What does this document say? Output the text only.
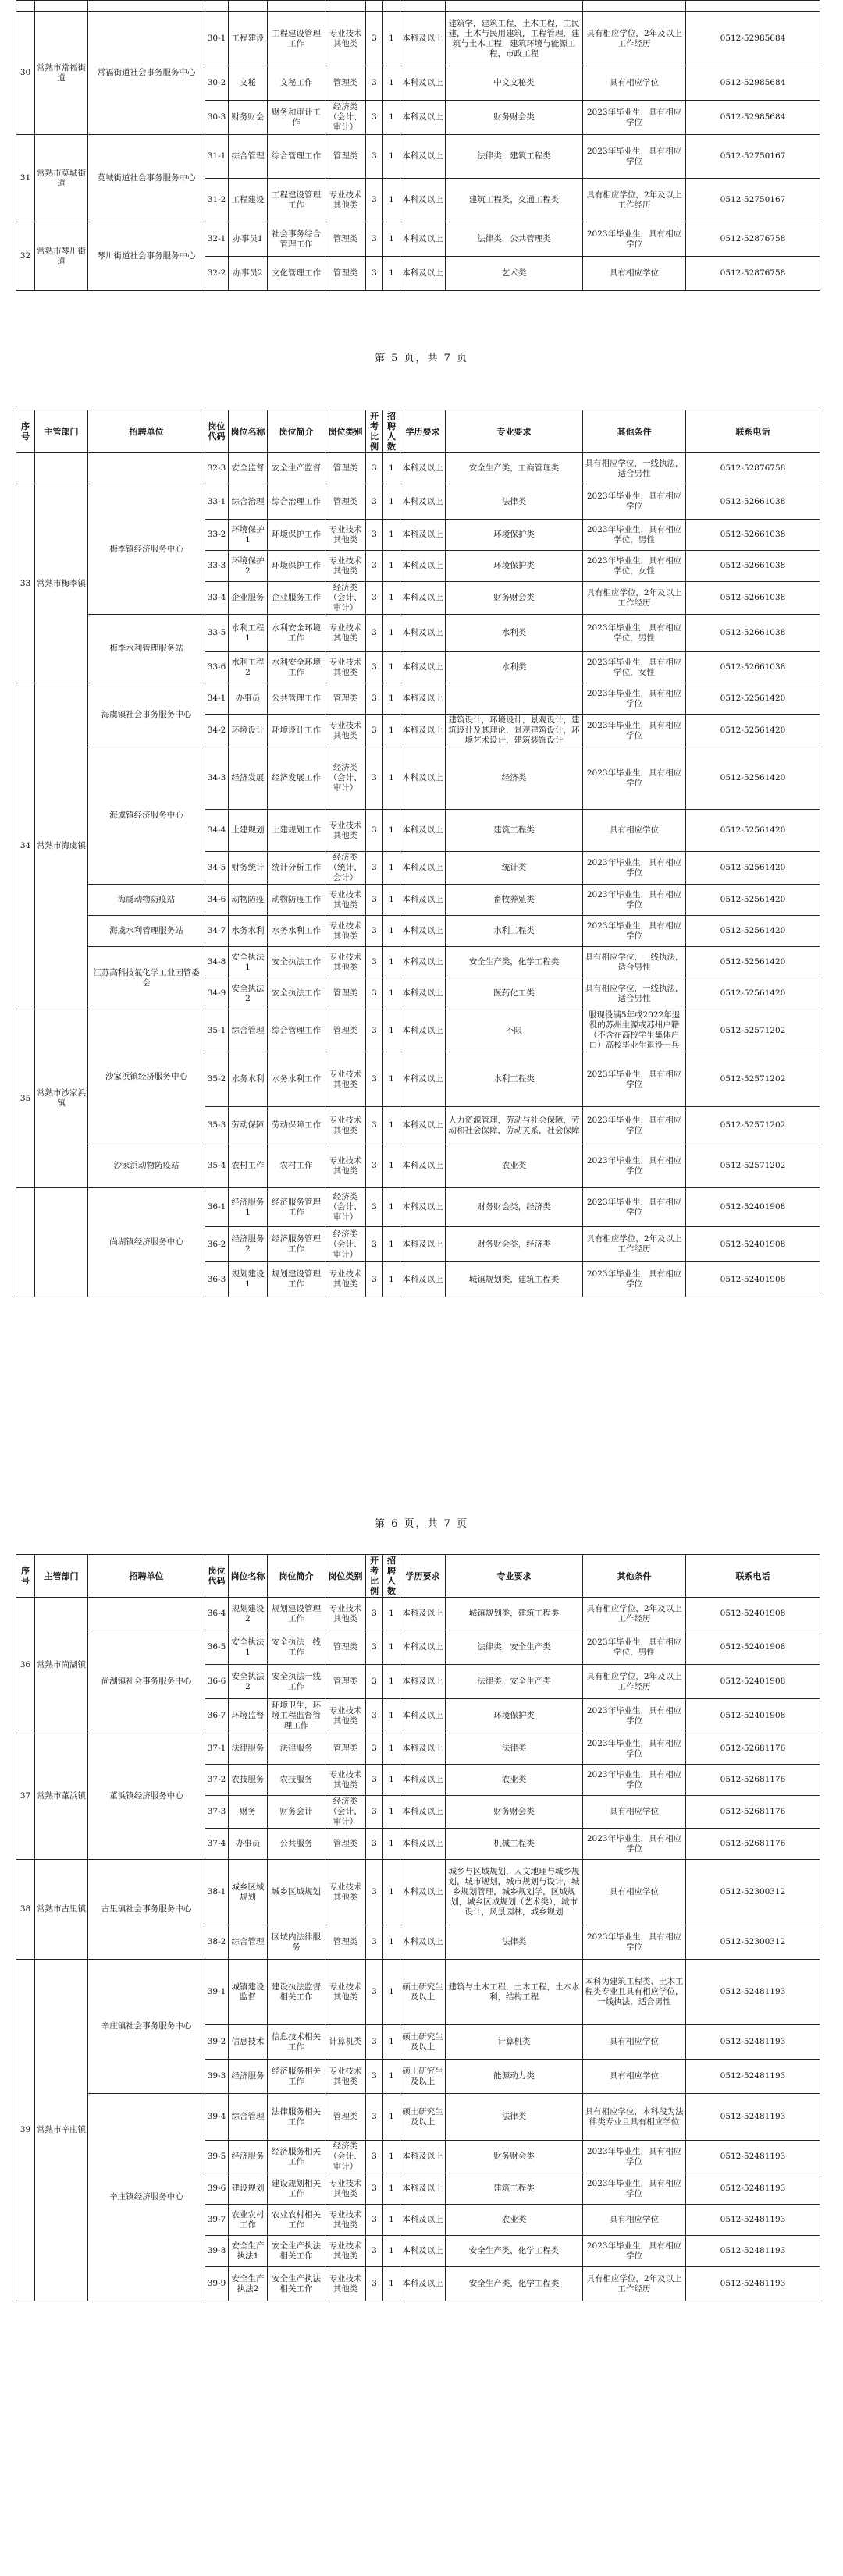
30	常熟市常福街道	常福街道社会事务服务中心	30-1	工程建设	工程建设管理工作	专业技术其他类	3	1	本科及以上	建筑学，建筑工程，土木工程，工民建，土木与民用建筑，工程管理，建筑与土木工程，建筑环境与能源工程，市政工程	具有相应学位，2年及以上工作经历	0512-52985684
			30-2	文秘	文秘工作	管理类	3	1	本科及以上	中文文秘类	具有相应学位	0512-52985684
			30-3	财务财会	财务和审计工作	经济类（会计、审计）	3	1	本科及以上	财务财会类	2023年毕业生，具有相应学位	0512-52985684
31	常熟市莫城街道	莫城街道社会事务服务中心	31-1	综合管理	综合管理工作	管理类	3	1	本科及以上	法律类，建筑工程类	2023年毕业生，具有相应学位	0512-52750167
			31-2	工程建设	工程建设管理工作	专业技术其他类	3	1	本科及以上	建筑工程类，交通工程类	具有相应学位，2年及以上工作经历	0512-52750167
32	常熟市琴川街道	琴川街道社会事务服务中心	32-1	办事员1	社会事务综合管理工作	管理类	3	1	本科及以上	法律类，公共管理类	2023年毕业生，具有相应学位	0512-52876758
			32-2	办事员2	文化管理工作	管理类	3	1	本科及以上	艺术类	具有相应学位	0512-52876758
第 5 页，共 7 页
序号	主管部门	招聘单位	岗位代码	岗位名称	岗位简介	岗位类别	开考比例	招聘人数	学历要求	专业要求	其他条件	联系电话
			32-3	安全监督	安全生产监督	管理类	3	1	本科及以上	安全生产类，工商管理类	具有相应学位，一线执法，适合男性	0512-52876758
33	常熟市梅李镇	梅李镇经济服务中心	33-1	综合治理	综合治理工作	管理类	3	1	本科及以上	法律类	2023年毕业生，具有相应学位	0512-52661038
			33-2	环境保护1	环境保护工作	专业技术其他类	3	1	本科及以上	环境保护类	2023年毕业生，具有相应学位，男性	0512-52661038
			33-3	环境保护2	环境保护工作	专业技术其他类	3	1	本科及以上	环境保护类	2023年毕业生，具有相应学位，女性	0512-52661038
			33-4	企业服务	企业服务工作	经济类（会计、审计）	3	1	本科及以上	财务财会类	具有相应学位，2年及以上工作经历	0512-52661038
		梅李水利管理服务站	33-5	水利工程1	水利安全环境工作	专业技术其他类	3	1	本科及以上	水利类	2023年毕业生，具有相应学位，男性	0512-52661038
			33-6	水利工程2	水利安全环境工作	专业技术其他类	3	1	本科及以上	水利类	2023年毕业生，具有相应学位，女性	0512-52661038
34	常熟市海虞镇	海虞镇社会事务服务中心	34-1	办事员	公共管理工作	管理类	3	1	本科及以上		2023年毕业生，具有相应学位	0512-52561420
			34-2	环境设计	环境设计工作	专业技术其他类	3	1	本科及以上	建筑设计，环境设计，景观设计，建筑设计及其理论，景观建筑设计，环境艺术设计，建筑装饰设计	2023年毕业生，具有相应学位	0512-52561420
		海虞镇经济服务中心	34-3	经济发展	经济发展工作	经济类（会计、审计）	3	1	本科及以上	经济类	2023年毕业生，具有相应学位	0512-52561420
			34-4	土建规划	土建规划工作	专业技术其他类	3	1	本科及以上	建筑工程类	具有相应学位	0512-52561420
			34-5	财务统计	统计分析工作	经济类（统计、会计）	3	1	本科及以上	统计类	2023年毕业生，具有相应学位	0512-52561420
		海虞动物防疫站	34-6	动物防疫	动物防疫工作	专业技术其他类	3	1	本科及以上	畜牧养殖类	2023年毕业生，具有相应学位	0512-52561420
		海虞水利管理服务站	34-7	水务水利	水务水利工作	专业技术其他类	3	1	本科及以上	水利工程类	2023年毕业生，具有相应学位	0512-52561420
		江苏高科技氟化学工业园管委会	34-8	安全执法1	安全执法工作	专业技术其他类	3	1	本科及以上	安全生产类，化学工程类	具有相应学位，一线执法，适合男性	0512-52561420
			34-9	安全执法2	安全执法工作	管理类	3	1	本科及以上	医药化工类	具有相应学位，一线执法，适合男性	0512-52561420
35	常熟市沙家浜镇	沙家浜镇经济服务中心	35-1	综合管理	综合管理工作	管理类	3	1	本科及以上	不限	服现役满5年或2022年退役的苏州生源或苏州户籍（不含在高校学生集体户口）高校毕业生退役士兵	0512-52571202
			35-2	水务水利	水务水利工作	专业技术其他类	3	1	本科及以上	水利工程类	2023年毕业生，具有相应学位	0512-52571202
			35-3	劳动保障	劳动保障工作	专业技术其他类	3	1	本科及以上	人力资源管理，劳动与社会保障，劳动和社会保障，劳动关系，社会保障	2023年毕业生，具有相应学位	0512-52571202
		沙家浜动物防疫站	35-4	农村工作	农村工作	专业技术其他类	3	1	本科及以上	农业类	2023年毕业生，具有相应学位	0512-52571202
		尚湖镇经济服务中心	36-1	经济服务1	经济服务管理工作	经济类（会计、审计）	3	1	本科及以上	财务财会类，经济类	2023年毕业生，具有相应学位	0512-52401908
			36-2	经济服务2	经济服务管理工作	经济类（会计、审计）	3	1	本科及以上	财务财会类，经济类	具有相应学位，2年及以上工作经历	0512-52401908
			36-3	规划建设1	规划建设管理工作	专业技术其他类	3	1	本科及以上	城镇规划类，建筑工程类	2023年毕业生，具有相应学位	0512-52401908
第 6 页，共 7 页
序号	主管部门	招聘单位	岗位代码	岗位名称	岗位简介	岗位类别	开考比例	招聘人数	学历要求	专业要求	其他条件	联系电话
36	常熟市尚湖镇		36-4	规划建设2	规划建设管理工作	专业技术其他类	3	1	本科及以上	城镇规划类，建筑工程类	具有相应学位，2年及以上工作经历	0512-52401908
		尚湖镇社会事务服务中心	36-5	安全执法1	安全执法一线工作	管理类	3	1	本科及以上	法律类，安全生产类	2023年毕业生，具有相应学位，男性	0512-52401908
			36-6	安全执法2	安全执法一线工作	管理类	3	1	本科及以上	法律类，安全生产类	具有相应学位，2年及以上工作经历	0512-52401908
			36-7	环境监督	环境卫生，环境工程监督管理工作	专业技术其他类	3	1	本科及以上	环境保护类	2023年毕业生，具有相应学位	0512-52401908
37	常熟市董浜镇	董浜镇经济服务中心	37-1	法律服务	法律服务	管理类	3	1	本科及以上	法律类	2023年毕业生，具有相应学位	0512-52681176
			37-2	农技服务	农技服务	专业技术其他类	3	1	本科及以上	农业类	2023年毕业生，具有相应学位	0512-52681176
			37-3	财务	财务会计	经济类（会计、审计）	3	1	本科及以上	财务财会类	具有相应学位	0512-52681176
			37-4	办事员	公共服务	管理类	3	1	本科及以上	机械工程类	2023年毕业生，具有相应学位	0512-52681176
38	常熟市古里镇	古里镇社会事务服务中心	38-1	城乡区域规划	城乡区域规划	专业技术其他类	3	1	本科及以上	城乡与区域规划，人文地理与城乡规划，城市规划，城市规划与设计，城乡规划管理，城乡规划学，区域规划，城乡区域规划（艺术类），城市设计，风景园林，城乡规划	具有相应学位	0512-52300312
			38-2	综合管理	区域内法律服务	管理类	3	1	本科及以上	法律类	2023年毕业生，具有相应学位	0512-52300312
39	常熟市辛庄镇	辛庄镇社会事务服务中心	39-1	城镇建设监督	建设执法监督相关工作	专业技术其他类	3	1	硕士研究生及以上	建筑与土木工程，土木工程，土木水利，结构工程	本科为建筑工程类、土木工程类专业且具有相应学位，一线执法，适合男性	0512-52481193
			39-2	信息技术	信息技术相关工作	计算机类	3	1	硕士研究生及以上	计算机类	具有相应学位	0512-52481193
			39-3	经济服务	经济服务相关工作	专业技术其他类	3	1	硕士研究生及以上	能源动力类	具有相应学位	0512-52481193
		辛庄镇经济服务中心	39-4	综合管理	法律服务相关工作	管理类	3	1	硕士研究生及以上	法律类	具有相应学位，本科段为法律类专业且具有相应学位	0512-52481193
			39-5	经济服务	经济服务相关工作	经济类（会计、审计）	3	1	本科及以上	财务财会类	2023年毕业生，具有相应学位	0512-52481193
			39-6	建设规划	建设规划相关工作	专业技术其他类	3	1	本科及以上	建筑工程类	2023年毕业生，具有相应学位	0512-52481193
			39-7	农业农村工作	农业农村相关工作	专业技术其他类	3	1	本科及以上	农业类	具有相应学位	0512-52481193
			39-8	安全生产执法1	安全生产执法相关工作	专业技术其他类	3	1	本科及以上	安全生产类，化学工程类	2023年毕业生，具有相应学位	0512-52481193
			39-9	安全生产执法2	安全生产执法相关工作	专业技术其他类	3	1	本科及以上	安全生产类，化学工程类	具有相应学位，2年及以上工作经历	0512-52481193
